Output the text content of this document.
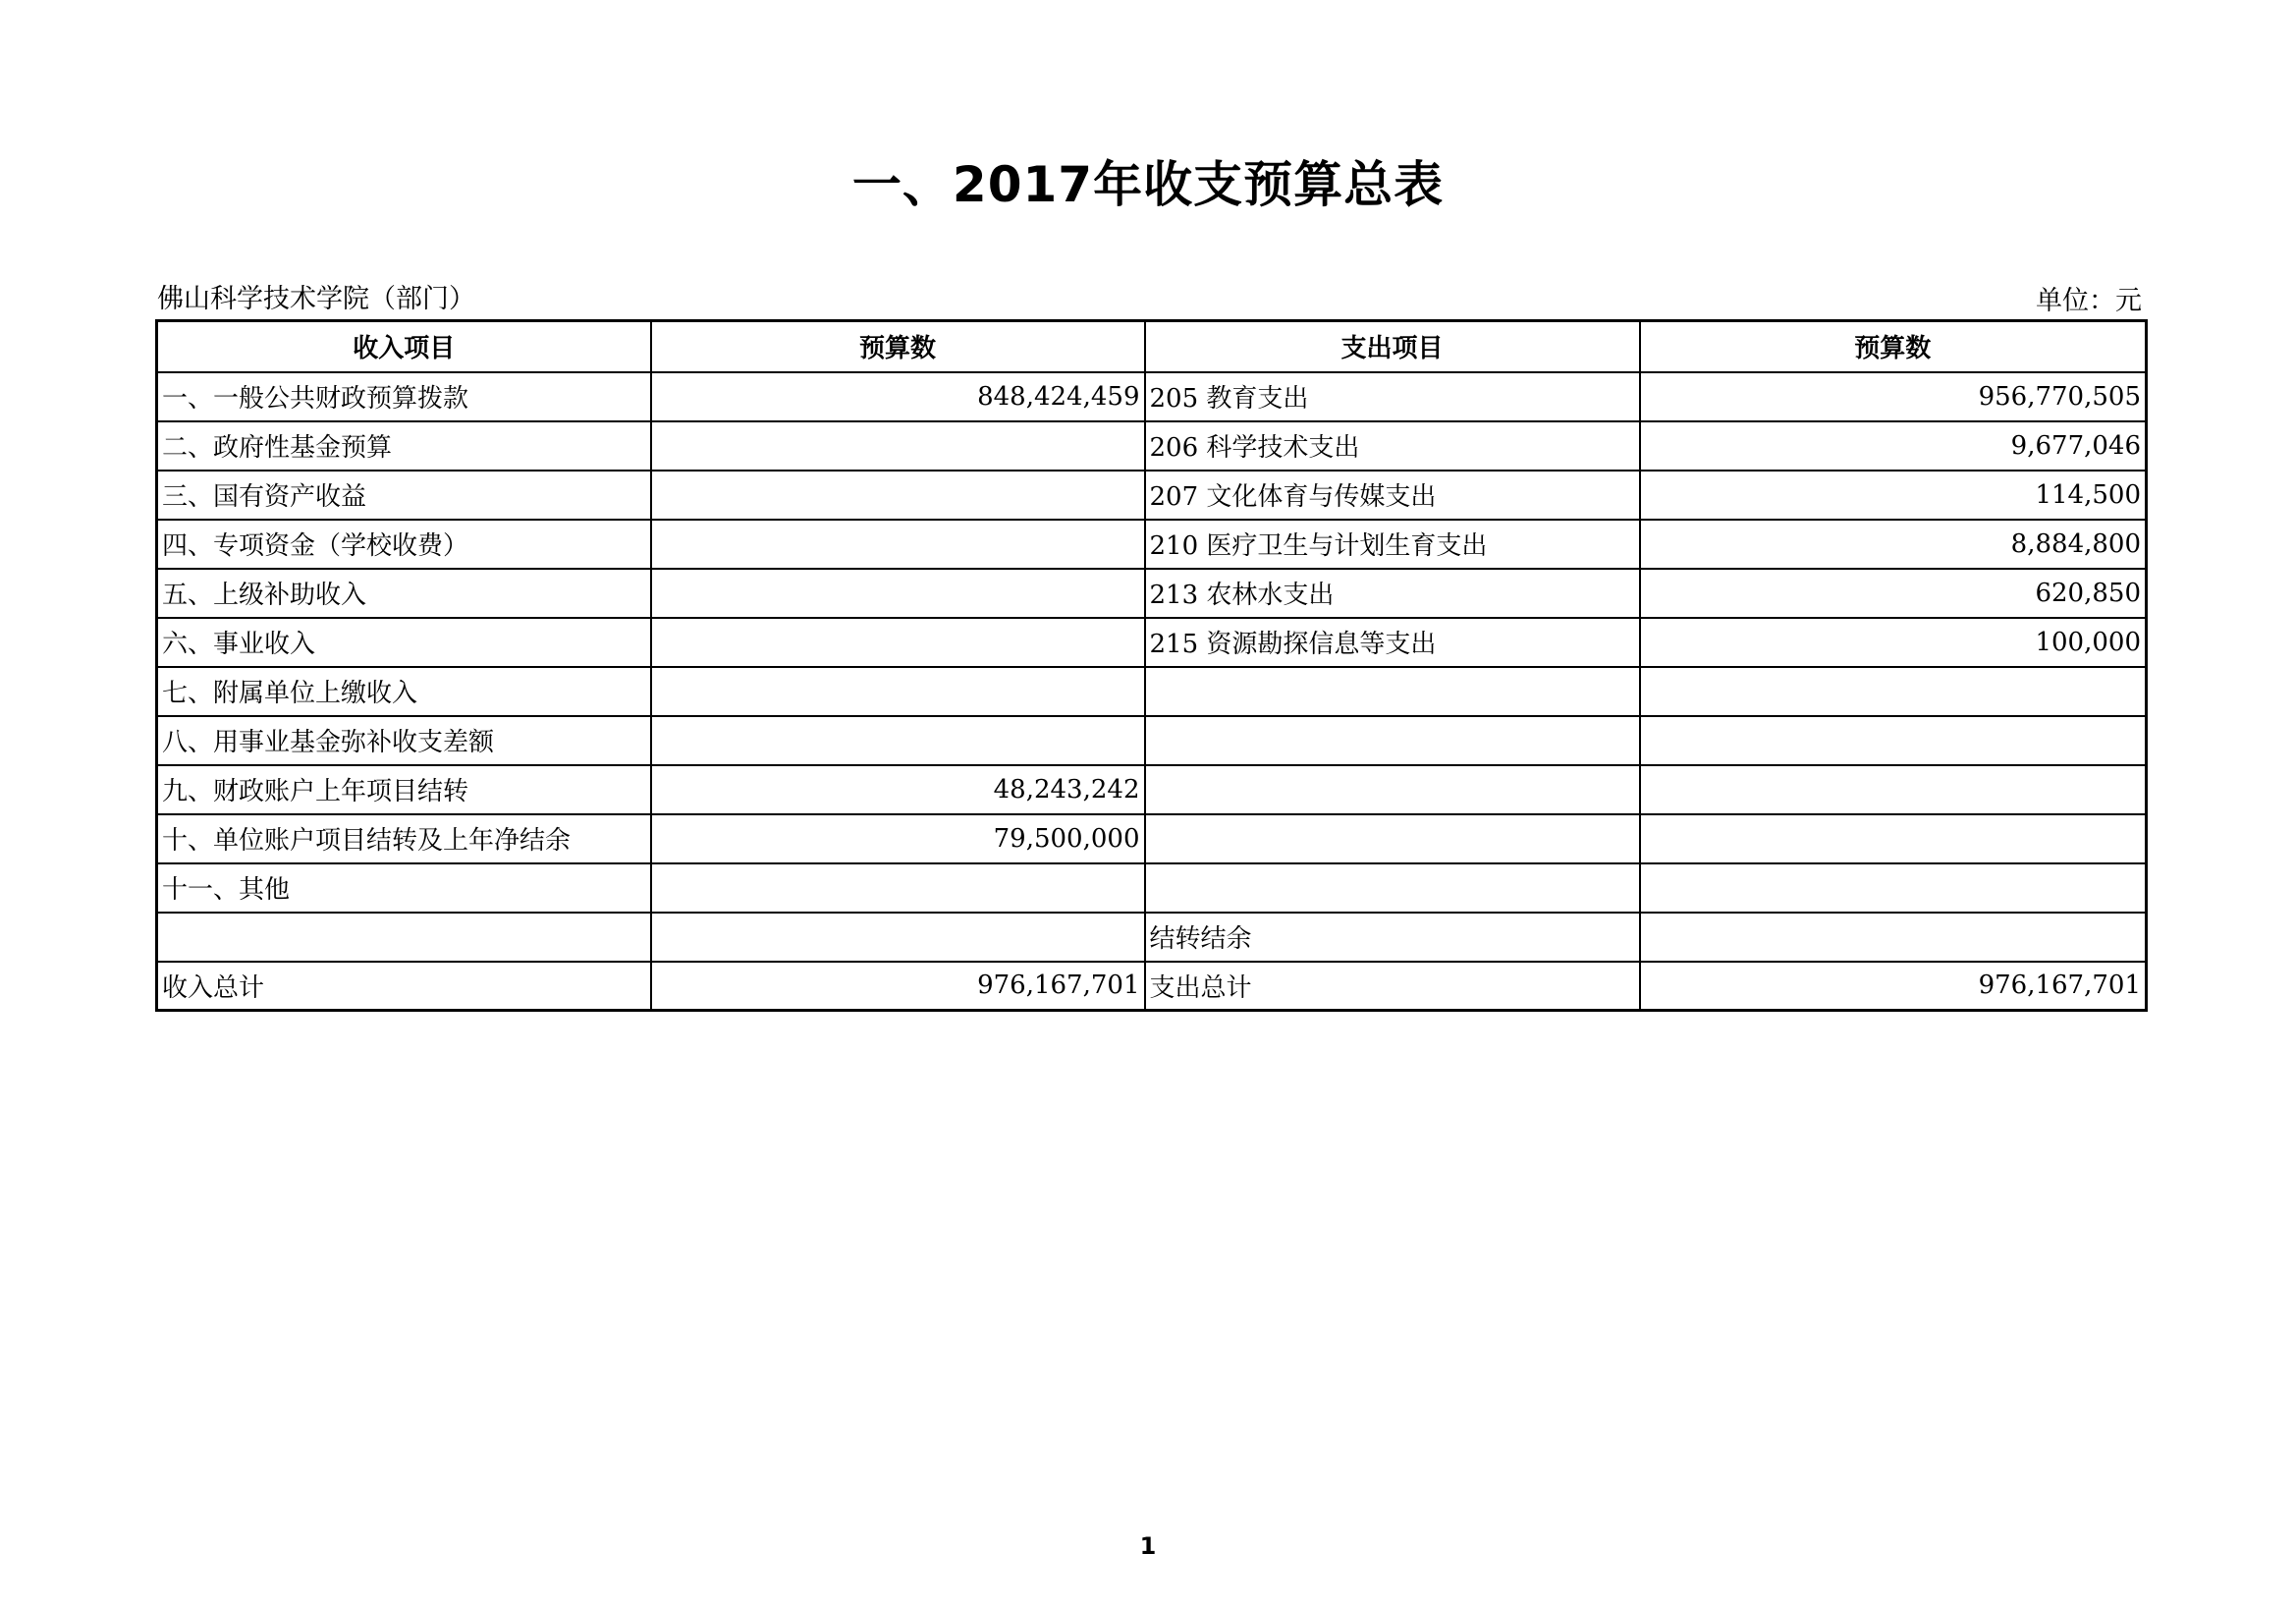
一、2017年收支预算总表
佛山科学技术学院（部门）	单位：元
收入项目	预算数	支出项目	预算数
一、一般公共财政预算拨款	848,424,459	205 教育支出	956,770,505
二、政府性基金预算		206 科学技术支出	9,677,046
三、国有资产收益		207 文化体育与传媒支出	114,500
四、专项资金（学校收费）		210 医疗卫生与计划生育支出	8,884,800
五、上级补助收入		213 农林水支出	620,850
六、事业收入		215 资源勘探信息等支出	100,000
七、附属单位上缴收入			
八、用事业基金弥补收支差额			
九、财政账户上年项目结转	48,243,242		
十、单位账户项目结转及上年净结余	79,500,000		
十一、其他			
		结转结余	
收入总计	976,167,701	支出总计	976,167,701
1
